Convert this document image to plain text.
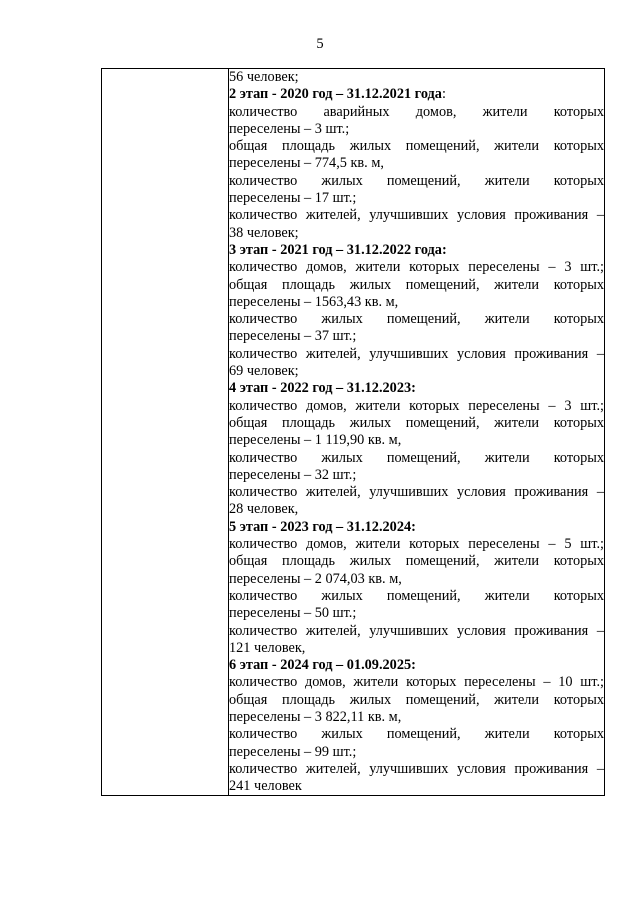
5

56 человек;
2 этап - 2020 год – 31.12.2021 года:
количество аварийных домов, жители которых
переселены – 3 шт.;
общая площадь жилых помещений, жители которых
переселены – 774,5 кв. м,
количество жилых помещений, жители которых
переселены – 17 шт.;
количество жителей, улучшивших условия проживания –
38 человек;
3 этап - 2021 год – 31.12.2022 года:
количество домов, жители которых переселены – 3 шт.;
общая площадь жилых помещений, жители которых
переселены – 1563,43 кв. м,
количество жилых помещений, жители которых
переселены – 37 шт.;
количество жителей, улучшивших условия проживания –
69 человек;
4 этап - 2022 год – 31.12.2023:
количество домов, жители которых переселены – 3 шт.;
общая площадь жилых помещений, жители которых
переселены – 1 119,90 кв. м,
количество жилых помещений, жители которых
переселены – 32 шт.;
количество жителей, улучшивших условия проживания –
28 человек,
5 этап - 2023 год – 31.12.2024:
количество домов, жители которых переселены – 5 шт.;
общая площадь жилых помещений, жители которых
переселены – 2 074,03 кв. м,
количество жилых помещений, жители которых
переселены – 50 шт.;
количество жителей, улучшивших условия проживания –
121 человек,
6 этап - 2024 год – 01.09.2025:
количество домов, жители которых переселены – 10 шт.;
общая площадь жилых помещений, жители которых
переселены – 3 822,11 кв. м,
количество жилых помещений, жители которых
переселены – 99 шт.;
количество жителей, улучшивших условия проживания –
241 человек
